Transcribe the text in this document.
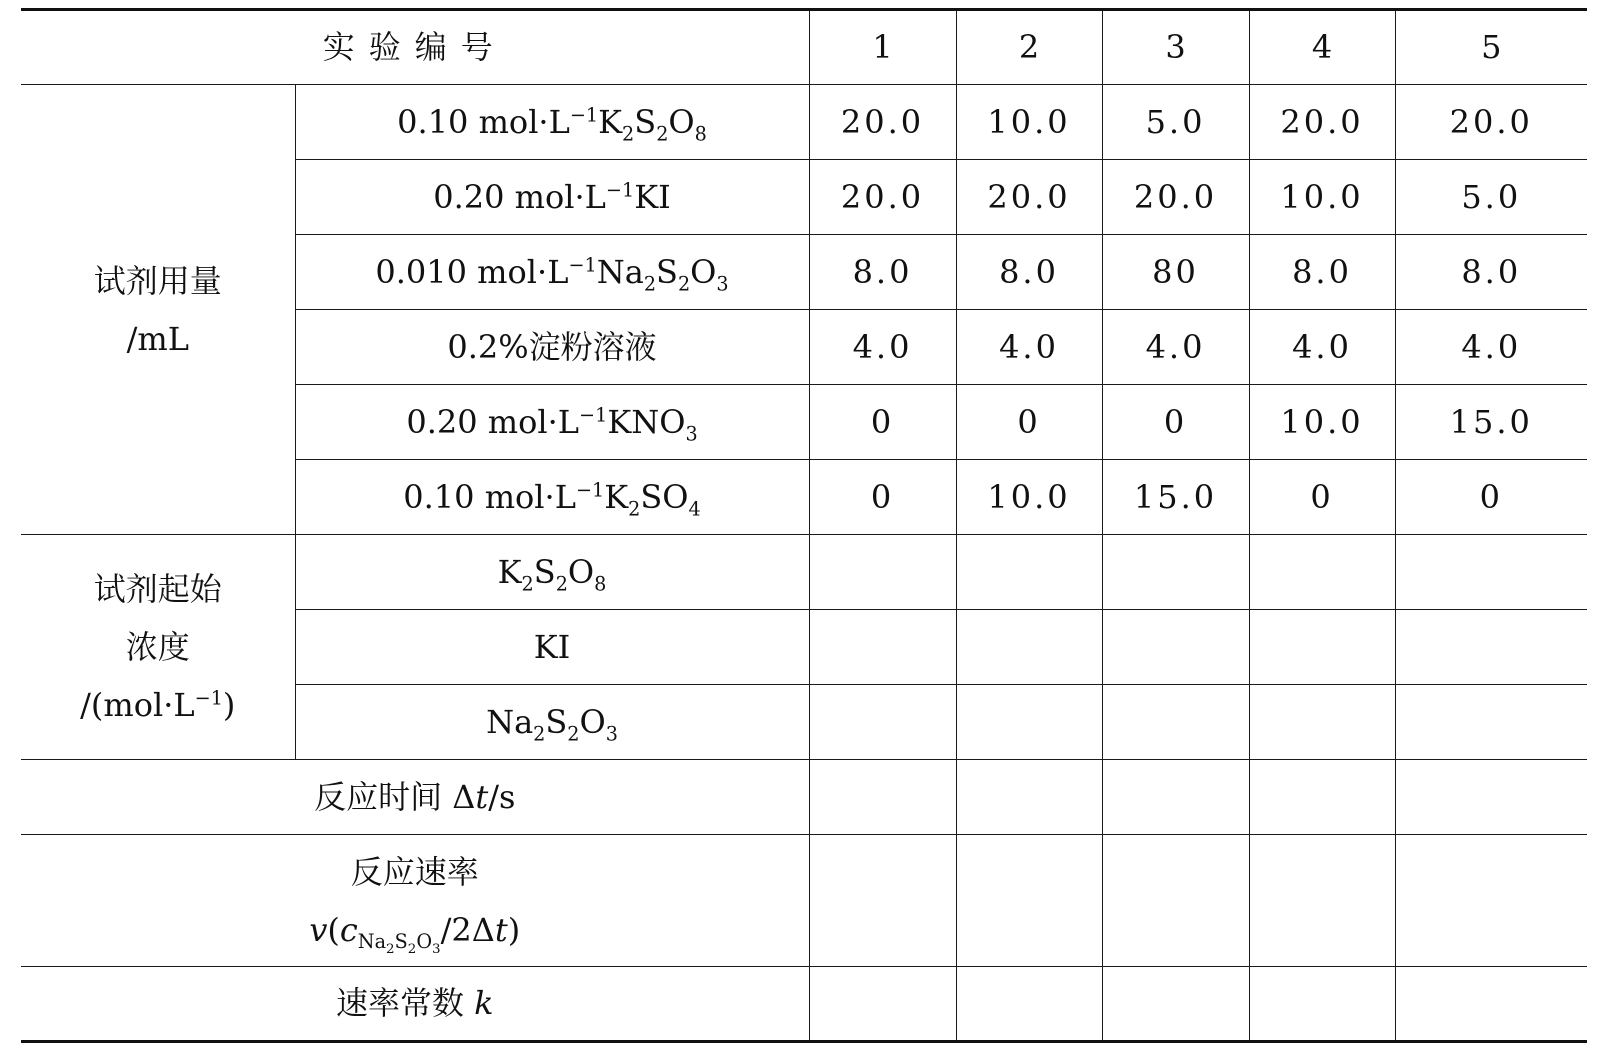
实验编号		1	2	3	4	5
试剂用量
/mL	0.10 $mol\cdot L^{-1}K_2S_2O_8$	20.0	10.0	5.0	20.0	20.0
	0.20 $mol\cdot L^{-1}KI$	20.0	20.0	20.0	10.0	5.0
	0.010 $mol\cdot L^{-1}Na_2S_2O_3$	8.0	8.0	80	8.0	8.0
	0.2%淀粉溶液	4.0	4.0	4.0	4.0	4.0
	0.20 $mol\cdot L^{-1}KNO_3$	0	0	0	10.0	15.0
	0.10 $mol\cdot L^{-1}K_2SO_4$	0	10.0	15.0	0	0
试剂起始
浓度
$/(mol\cdot L^{-1})$	$K_2S_2O_8$					
	KI					
	$Na_2S_2O_3$					
反应时间 Δt/s						
反应速率
$v(c_{Na_2S_2O_3}/2\Delta t)$						
速率常数 k						
